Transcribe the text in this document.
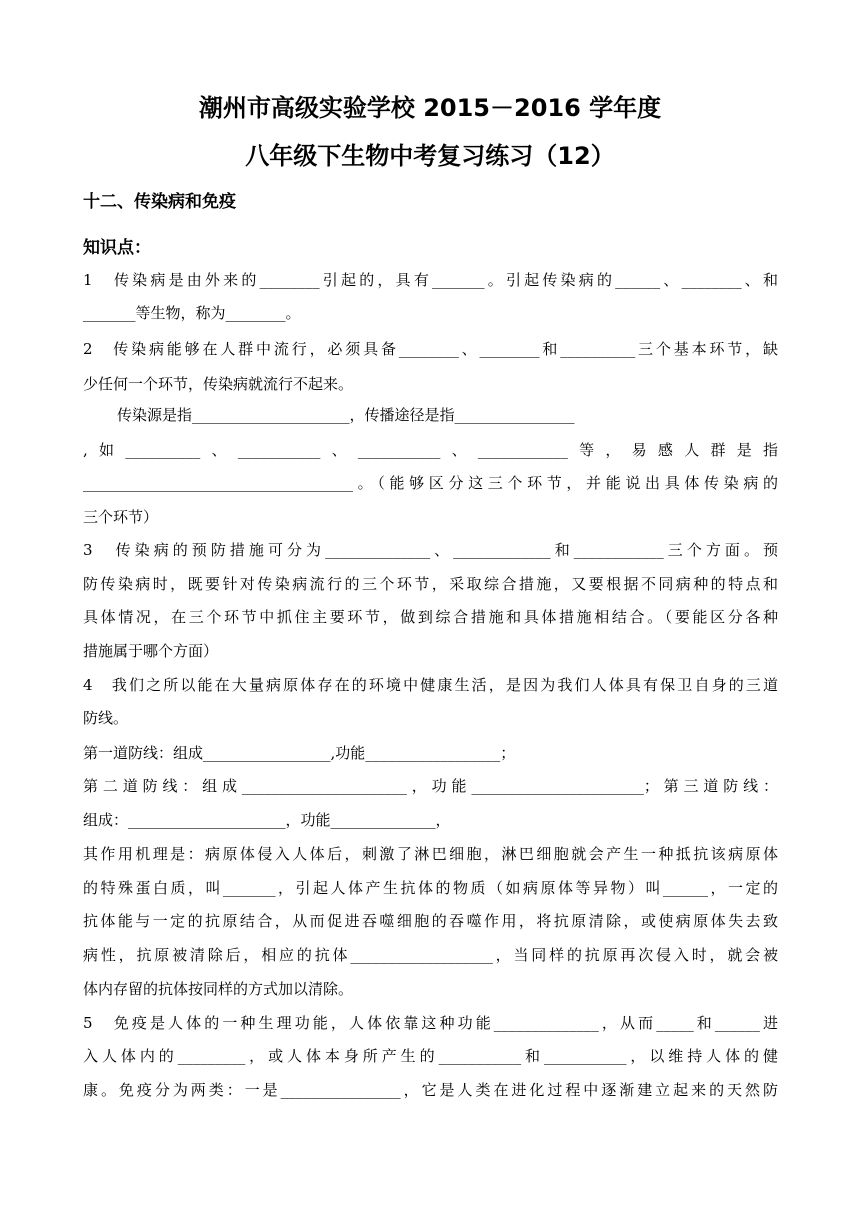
潮州市高级实验学校 2015－2016 学年度
八年级下生物中考复习练习（12）
十二、传染病和免疫
知识点：
1　传染病是由外来的________引起的，具有_______。引起传染病的______、________、和
_______等生物，称为________。
2　传染病能够在人群中流行，必须具备________、________和__________三个基本环节，缺
少任何一个环节，传染病就流行不起来。
传染源是指_____________________，传播途径是指________________
,如__________、___________、___________、____________等，易感人群是指
____________________________________。（能够区分这三个环节，并能说出具体传染病的
三个环节）
3　传染病的预防措施可分为______________、_____________和____________三个方面。预
防传染病时，既要针对传染病流行的三个环节，采取综合措施，又要根据不同病种的特点和
具体情况，在三个环节中抓住主要环节，做到综合措施和具体措施相结合。（要能区分各种
措施属于哪个方面）
4　我们之所以能在大量病原体存在的环境中健康生活，是因为我们人体具有保卫自身的三道
防线。
第一道防线：组成_________________,功能__________________；
第二道防线：组成______________________，功能_______________________；第三道防线：
组成：_____________________，功能______________，
其作用机理是：病原体侵入人体后，刺激了淋巴细胞，淋巴细胞就会产生一种抵抗该病原体
的特殊蛋白质，叫_______，引起人体产生抗体的物质（如病原体等异物）叫______，一定的
抗体能与一定的抗原结合，从而促进吞噬细胞的吞噬作用，将抗原清除，或使病原体失去致
病性，抗原被清除后，相应的抗体___________________，当同样的抗原再次侵入时，就会被
体内存留的抗体按同样的方式加以清除。
5　免疫是人体的一种生理功能，人体依靠这种功能______________，从而_____和______进
入人体内的_________，或人体本身所产生的___________和___________，以维持人体的健
康。免疫分为两类：一是________________，它是人类在进化过程中逐渐建立起来的天然防
